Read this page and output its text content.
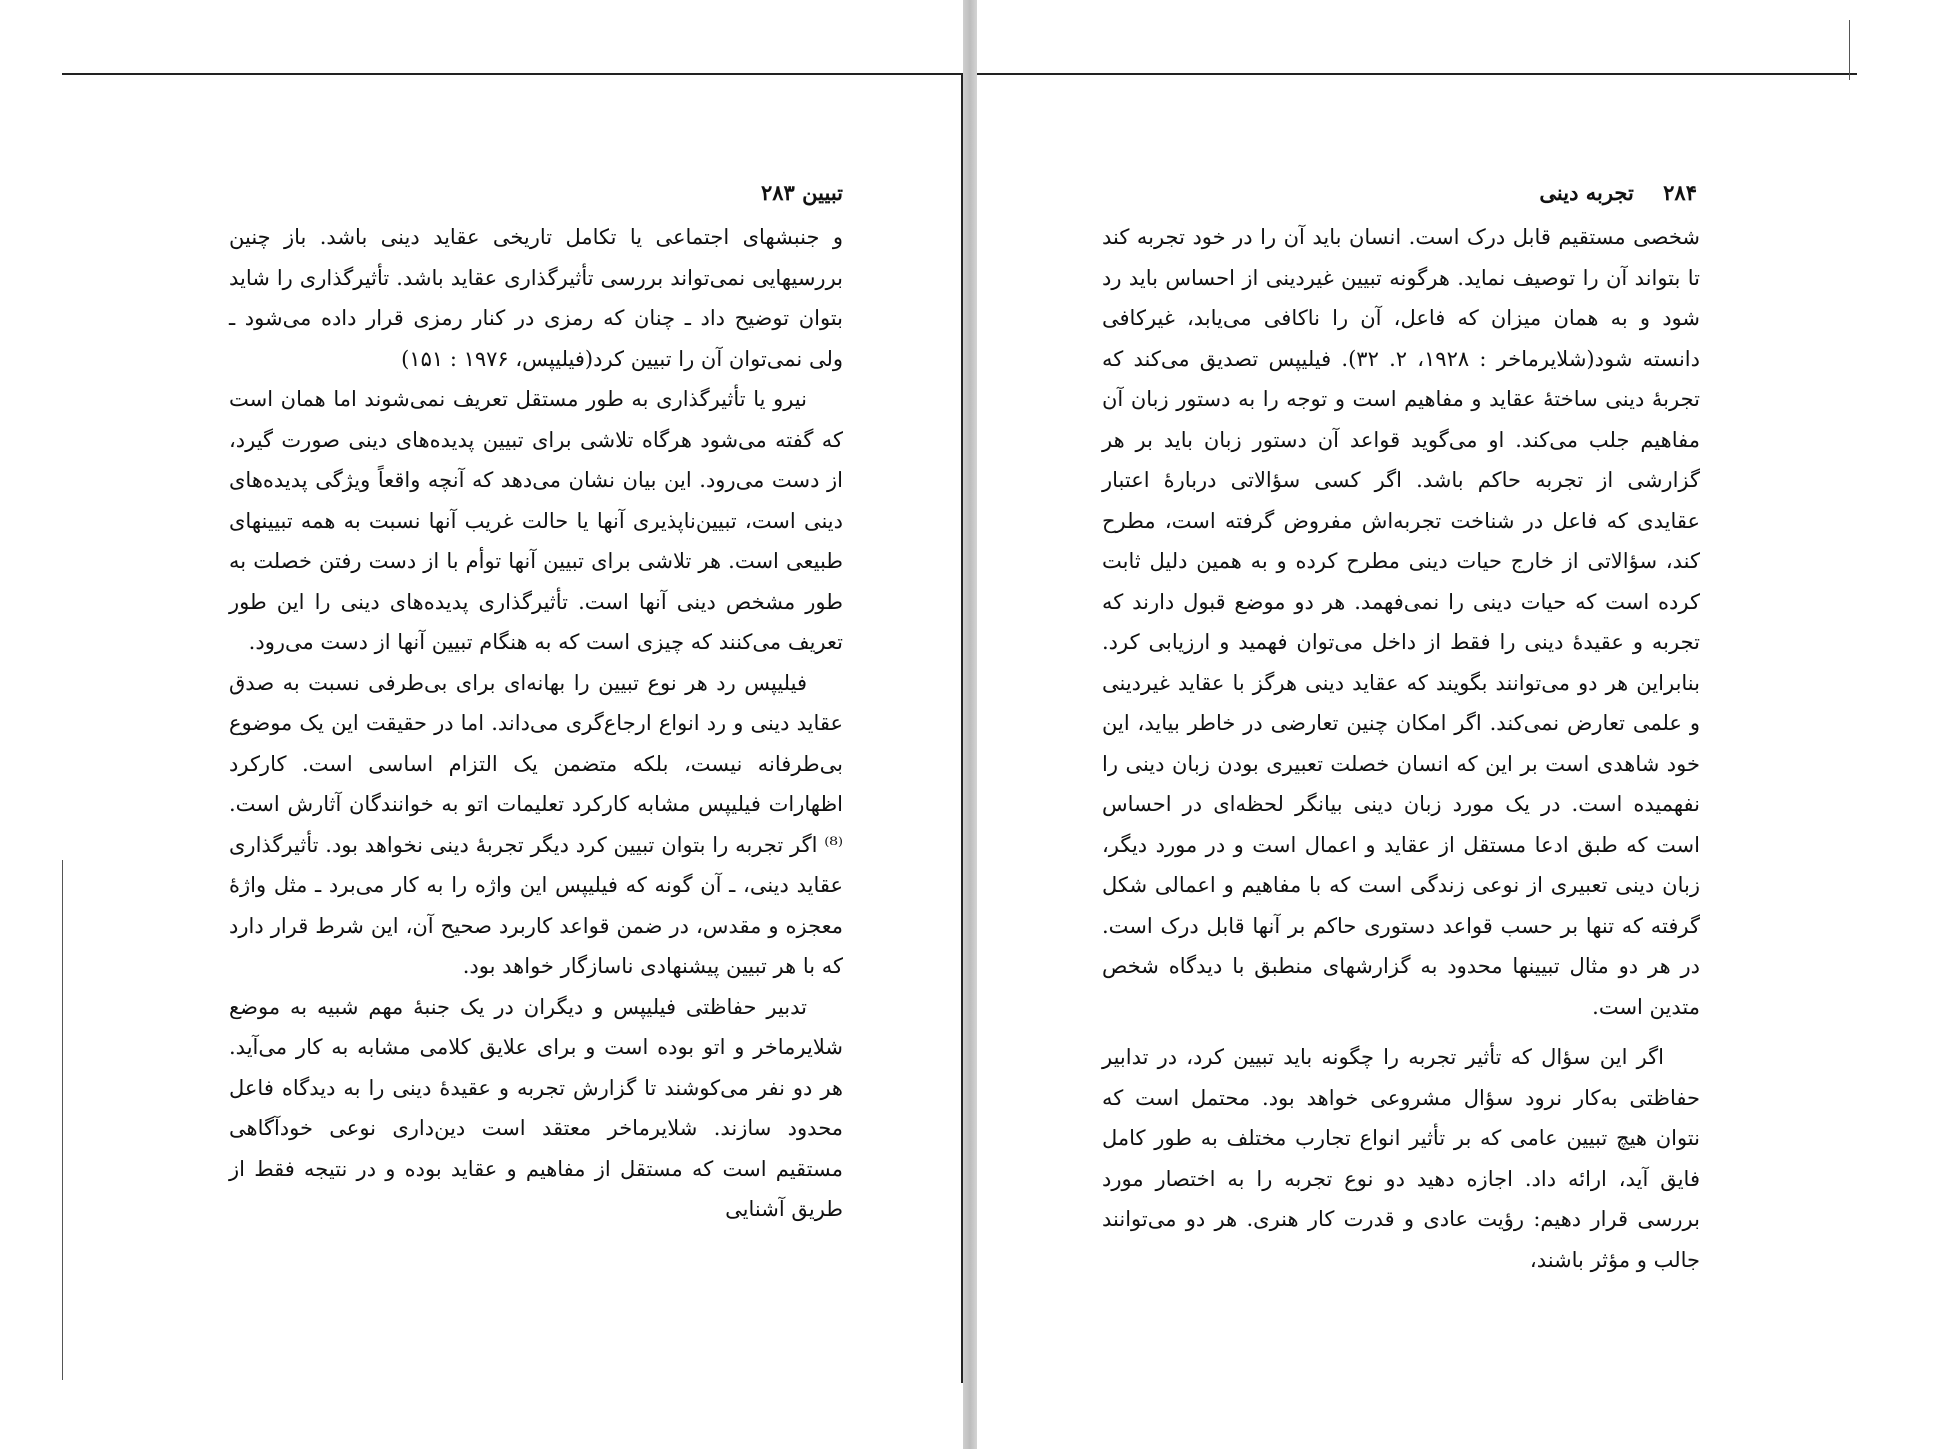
تبیین ۲۸۳

و جنبشهای اجتماعی یا تکامل تاریخی عقاید دینی باشد. باز چنین بررسیهایی نمی‌تواند بررسی تأثیرگذاری عقاید باشد. تأثیرگذاری را شاید بتوان توضیح داد ـ چنان که رمزی در کنار رمزی قرار داده می‌شود ـ ولی نمی‌توان آن را تبیین کرد(فیلیپس، ۱۹۷۶ : ۱۵۱)

نیرو یا تأثیرگذاری به طور مستقل تعریف نمی‌شوند اما همان است که گفته می‌شود هرگاه تلاشی برای تبیین پدیده‌های دینی صورت گیرد، از دست می‌رود. این بیان نشان می‌دهد که آنچه واقعاً ویژگی پدیده‌های دینی است، تبیین‌ناپذیری آنها یا حالت غریب آنها نسبت به همه تبیینهای طبیعی است. هر تلاشی برای تبیین آنها توأم با از دست رفتن خصلت به طور مشخص دینی آنها است. تأثیرگذاری پدیده‌های دینی را این طور تعریف می‌کنند که چیزی است که به هنگام تبیین آنها از دست می‌رود.

فیلیپس رد هر نوع تبیین را بهانه‌ای برای بی‌طرفی نسبت به صدق عقاید دینی و رد انواع ارجاع‌گری می‌داند. اما در حقیقت این یک موضوع بی‌طرفانه نیست، بلکه متضمن یک التزام اساسی است. کارکرد اظهارات فیلیپس مشابه کارکرد تعلیمات اتو به خوانندگان آثارش است.⁽⁸⁾ اگر تجربه را بتوان تبیین کرد دیگر تجربهٔ دینی نخواهد بود. تأثیرگذاری عقاید دینی، ـ آن گونه که فیلیپس این واژه را به کار می‌برد ـ مثل واژهٔ معجزه و مقدس، در ضمن قواعد کاربرد صحیح آن، این شرط قرار دارد که با هر تبیین پیشنهادی ناسازگار خواهد بود.

تدبیر حفاظتی فیلیپس و دیگران در یک جنبهٔ مهم شبیه به موضع شلایرماخر و اتو بوده است و برای علایق کلامی مشابه به کار می‌آید. هر دو نفر می‌کوشند تا گزارش تجربه و عقیدهٔ دینی را به دیدگاه فاعل محدود سازند. شلایرماخر معتقد است دین‌داری نوعی خودآگاهی مستقیم است که مستقل از مفاهیم و عقاید بوده و در نتیجه فقط از طریق آشنایی

۲۸۴ تجربه دینی

شخصی مستقیم قابل درک است. انسان باید آن را در خود تجربه کند تا بتواند آن را توصیف نماید. هرگونه تبیین غیردینی از احساس باید رد شود و به همان میزان که فاعل، آن را ناکافی می‌یابد، غیرکافی دانسته شود(شلایرماخر : ۱۹۲۸، ۲. ۳۲). فیلیپس تصدیق می‌کند که تجربهٔ دینی ساختهٔ عقاید و مفاهیم است و توجه را به دستور زبان آن مفاهیم جلب می‌کند. او می‌گوید قواعد آن دستور زبان باید بر هر گزارشی از تجربه حاکم باشد. اگر کسی سؤالاتی دربارهٔ اعتبار عقایدی که فاعل در شناخت تجربه‌اش مفروض گرفته است، مطرح کند، سؤالاتی از خارج حیات دینی مطرح کرده و به همین دلیل ثابت کرده است که حیات دینی را نمی‌فهمد. هر دو موضع قبول دارند که تجربه و عقیدهٔ دینی را فقط از داخل می‌توان فهمید و ارزیابی کرد. بنابراین هر دو می‌توانند بگویند که عقاید دینی هرگز با عقاید غیردینی و علمی تعارض نمی‌کند. اگر امکان چنین تعارضی در خاطر بیاید، این خود شاهدی است بر این که انسان خصلت تعبیری بودن زبان دینی را نفهمیده است. در یک مورد زبان دینی بیانگر لحظه‌ای در احساس است که طبق ادعا مستقل از عقاید و اعمال است و در مورد دیگر، زبان دینی تعبیری از نوعی زندگی است که با مفاهیم و اعمالی شکل گرفته که تنها بر حسب قواعد دستوری حاکم بر آنها قابل درک است. در هر دو مثال تبیینها محدود به گزارشهای منطبق با دیدگاه شخص متدین است.

اگر این سؤال که تأثیر تجربه را چگونه باید تبیین کرد، در تدابیر حفاظتی به‌کار نرود سؤال مشروعی خواهد بود. محتمل است که نتوان هیچ تبیین عامی که بر تأثیر انواع تجارب مختلف به طور کامل فایق آید، ارائه داد. اجازه دهید دو نوع تجربه را به اختصار مورد بررسی قرار دهیم: رؤیت عادی و قدرت کار هنری. هر دو می‌توانند جالب و مؤثر باشند،
